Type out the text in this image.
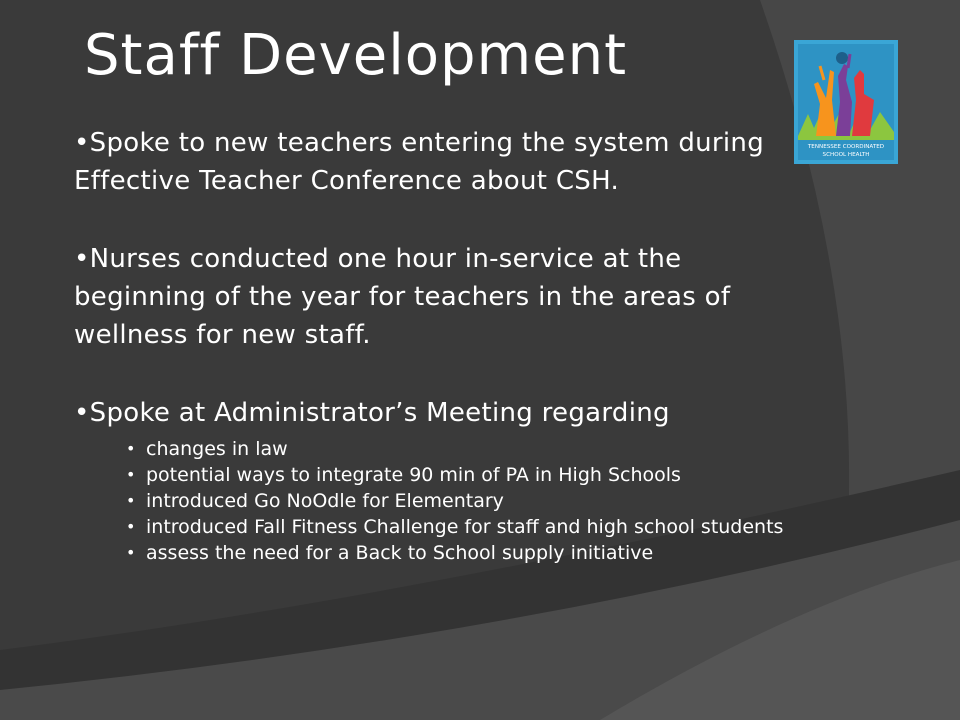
Staff Development

•Spoke to new teachers entering the system during Effective Teacher Conference about CSH.

•Nurses conducted one hour in-service at the beginning of the year for teachers in the areas of wellness for new staff.

•Spoke at Administrator’s Meeting regarding

• changes in law
• potential ways to integrate 90 min of PA in High Schools
• introduced Go NoOdle for Elementary
• introduced Fall Fitness Challenge for staff and high school students
• assess the need for a Back to School supply initiative
TENNESSEE COORDINATED
SCHOOL HEALTH
